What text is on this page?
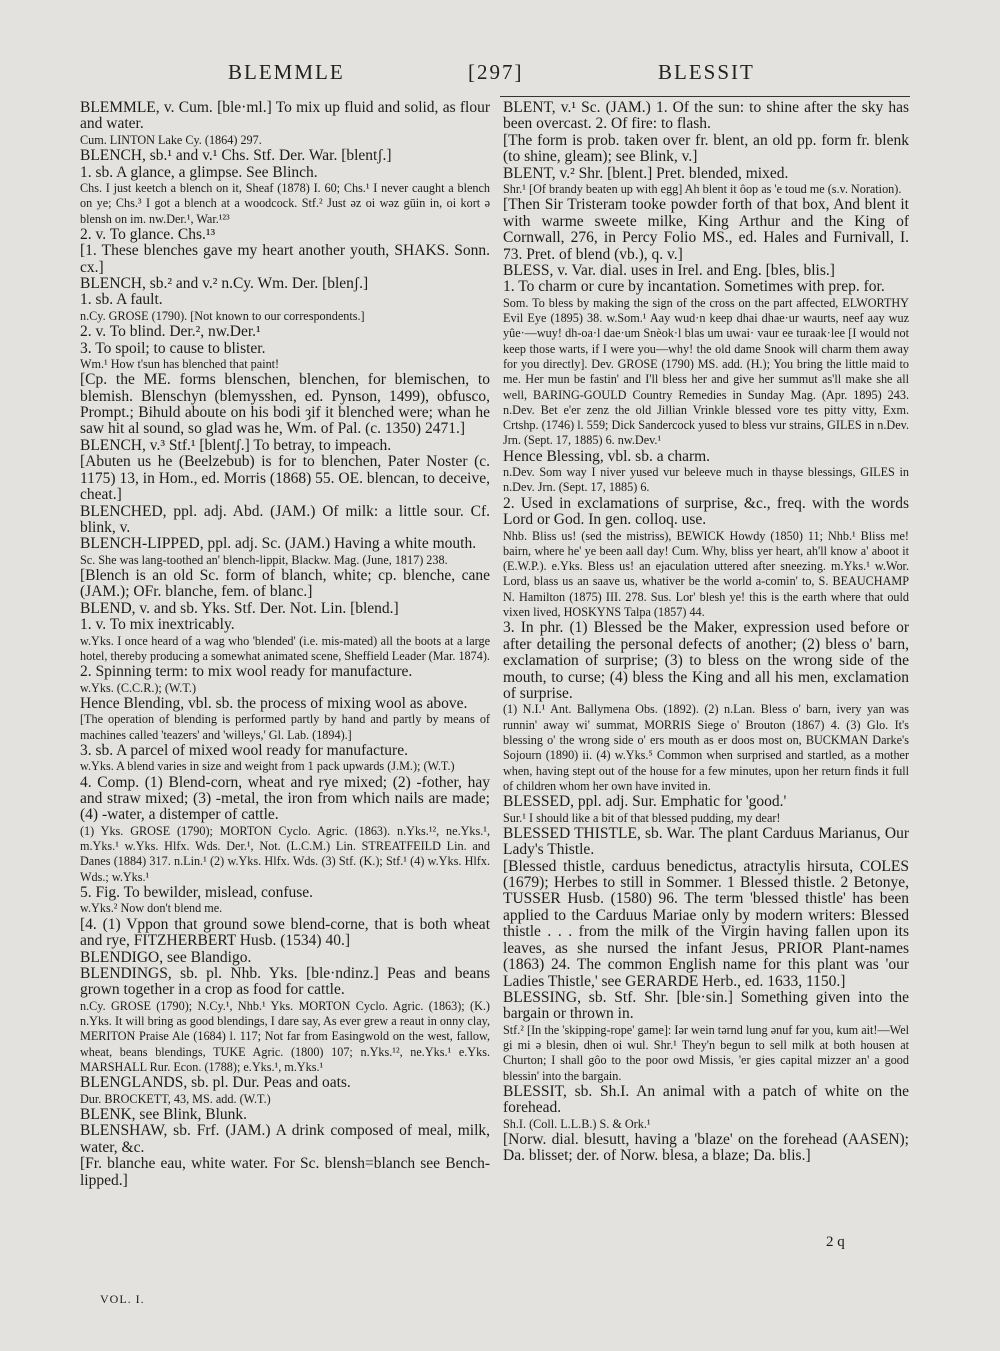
BLEMMLE	[297]	BLESSIT

BLEMMLE, v. Cum. [ble·ml.] To mix up fluid and solid, as flour and water.

Cum. LINTON Lake Cy. (1864) 297.

BLENCH, sb.¹ and v.¹ Chs. Stf. Der. War. [blentʃ.]

1. sb. A glance, a glimpse. See Blinch.

Chs. I just keetch a blench on it, Sheaf (1878) I. 60; Chs.¹ I never caught a blench on ye; Chs.³ I got a blench at a woodcock. Stf.² Just əz oi wəz gūin in, oi kort ə blensh on im. nw.Der.¹, War.¹²³

2. v. To glance. Chs.¹³

[1. These blenches gave my heart another youth, SHAKS. Sonn. cx.]

BLENCH, sb.² and v.² n.Cy. Wm. Der. [blenʃ.]

1. sb. A fault.

n.Cy. GROSE (1790). [Not known to our correspondents.]

2. v. To blind. Der.², nw.Der.¹

3. To spoil; to cause to blister.

Wm.¹ How t'sun has blenched that paint!

[Cp. the ME. forms blenschen, blenchen, for blemischen, to blemish. Blenschyn (blemysshen, ed. Pynson, 1499), obfusco, Prompt.; Bihuld aboute on his bodi ȝif it blenched were; whan he saw hit al sound, so glad was he, Wm. of Pal. (c. 1350) 2471.]

BLENCH, v.³ Stf.¹ [blentʃ.] To betray, to impeach.

[Abuten us he (Beelzebub) is for to blenchen, Pater Noster (c. 1175) 13, in Hom., ed. Morris (1868) 55. OE. blencan, to deceive, cheat.]

BLENCHED, ppl. adj. Abd. (JAM.) Of milk: a little sour. Cf. blink, v.

BLENCH-LIPPED, ppl. adj. Sc. (JAM.) Having a white mouth.

Sc. She was lang-toothed an' blench-lippit, Blackw. Mag. (June, 1817) 238.

[Blench is an old Sc. form of blanch, white; cp. blenche, cane (JAM.); OFr. blanche, fem. of blanc.]

BLEND, v. and sb. Yks. Stf. Der. Not. Lin. [blend.]

1. v. To mix inextricably.

w.Yks. I once heard of a wag who 'blended' (i.e. mis-mated) all the boots at a large hotel, thereby producing a somewhat animated scene, Sheffield Leader (Mar. 1874).

2. Spinning term: to mix wool ready for manufacture.

w.Yks. (C.C.R.); (W.T.)

Hence Blending, vbl. sb. the process of mixing wool as above.

[The operation of blending is performed partly by hand and partly by means of machines called 'teazers' and 'willeys,' Gl. Lab. (1894).]

3. sb. A parcel of mixed wool ready for manufacture.

w.Yks. A blend varies in size and weight from 1 pack upwards (J.M.); (W.T.)

4. Comp. (1) Blend-corn, wheat and rye mixed; (2) -fother, hay and straw mixed; (3) -metal, the iron from which nails are made; (4) -water, a distemper of cattle.

(1) Yks. GROSE (1790); MORTON Cyclo. Agric. (1863). n.Yks.¹², ne.Yks.¹, m.Yks.¹ w.Yks. Hlfx. Wds. Der.¹, Not. (L.C.M.) Lin. STREATFEILD Lin. and Danes (1884) 317. n.Lin.¹ (2) w.Yks. Hlfx. Wds. (3) Stf. (K.); Stf.¹ (4) w.Yks. Hlfx. Wds.; w.Yks.¹

5. Fig. To bewilder, mislead, confuse.

w.Yks.² Now don't blend me.

[4. (1) Vppon that ground sowe blend-corne, that is both wheat and rye, FITZHERBERT Husb. (1534) 40.]

BLENDIGO, see Blandigo.

BLENDINGS, sb. pl. Nhb. Yks. [ble·ndinz.] Peas and beans grown together in a crop as food for cattle.

n.Cy. GROSE (1790); N.Cy.¹, Nhb.¹ Yks. MORTON Cyclo. Agric. (1863); (K.) n.Yks. It will bring as good blendings, I dare say, As ever grew a reaut in onny clay, MERITON Praise Ale (1684) l. 117; Not far from Easingwold on the west, fallow, wheat, beans blendings, TUKE Agric. (1800) 107; n.Yks.¹², ne.Yks.¹ e.Yks. MARSHALL Rur. Econ. (1788); e.Yks.¹, m.Yks.¹

BLENGLANDS, sb. pl. Dur. Peas and oats.

Dur. BROCKETT, 43, MS. add. (W.T.)

BLENK, see Blink, Blunk.

BLENSHAW, sb. Frf. (JAM.) A drink composed of meal, milk, water, &c.

[Fr. blanche eau, white water. For Sc. blensh=blanch see Bench-lipped.]

BLENT, v.¹ Sc. (JAM.) 1. Of the sun: to shine after the sky has been overcast. 2. Of fire: to flash.

[The form is prob. taken over fr. blent, an old pp. form fr. blenk (to shine, gleam); see Blink, v.]

BLENT, v.² Shr. [blent.] Pret. blended, mixed.

Shr.¹ [Of brandy beaten up with egg] Ah blent it ôop as 'e toud me (s.v. Noration).

[Then Sir Tristeram tooke powder forth of that box, And blent it with warme sweete milke, King Arthur and the King of Cornwall, 276, in Percy Folio MS., ed. Hales and Furnivall, I. 73. Pret. of blend (vb.), q. v.]

BLESS, v. Var. dial. uses in Irel. and Eng. [bles, blis.]

1. To charm or cure by incantation. Sometimes with prep. for.

Som. To bless by making the sign of the cross on the part affected, ELWORTHY Evil Eye (1895) 38. w.Som.¹ Aay wud·n keep dhai dhae·ur waurts, neef aay wuz yûe·—wuy! dh-oa·l dae·um Snèok·l blas um uwai· vaur ee turaak·lee [I would not keep those warts, if I were you—why! the old dame Snook will charm them away for you directly]. Dev. GROSE (1790) MS. add. (H.); You bring the little maid to me. Her mun be fastin' and I'll bless her and give her summut as'll make she all well, BARING-GOULD Country Remedies in Sunday Mag. (Apr. 1895) 243. n.Dev. Bet e'er zenz the old Jillian Vrinkle blessed vore tes pitty vitty, Exm. Crtshp. (1746) l. 559; Dick Sandercock yused to bless vur strains, GILES in n.Dev. Jrn. (Sept. 17, 1885) 6. nw.Dev.¹

Hence Blessing, vbl. sb. a charm.

n.Dev. Som way I niver yused vur beleeve much in thayse blessings, GILES in n.Dev. Jrn. (Sept. 17, 1885) 6.

2. Used in exclamations of surprise, &c., freq. with the words Lord or God. In gen. colloq. use.

Nhb. Bliss us! (sed the mistriss), BEWICK Howdy (1850) 11; Nhb.¹ Bliss me! bairn, where he' ye been aall day! Cum. Why, bliss yer heart, ah'll know a' aboot it (E.W.P.). e.Yks. Bless us! an ejaculation uttered after sneezing. m.Yks.¹ w.Wor. Lord, blass us an saave us, whativer be the world a-comin' to, S. BEAUCHAMP N. Hamilton (1875) III. 278. Sus. Lor' blesh ye! this is the earth where that ould vixen lived, HOSKYNS Talpa (1857) 44.

3. In phr. (1) Blessed be the Maker, expression used before or after detailing the personal defects of another; (2) bless o' barn, exclamation of surprise; (3) to bless on the wrong side of the mouth, to curse; (4) bless the King and all his men, exclamation of surprise.

(1) N.I.¹ Ant. Ballymena Obs. (1892). (2) n.Lan. Bless o' barn, ivery yan was runnin' away wi' summat, MORRIS Siege o' Brouton (1867) 4. (3) Glo. It's blessing o' the wrong side o' ers mouth as er doos most on, BUCKMAN Darke's Sojourn (1890) ii. (4) w.Yks.⁵ Common when surprised and startled, as a mother when, having stept out of the house for a few minutes, upon her return finds it full of children whom her own have invited in.

BLESSED, ppl. adj. Sur. Emphatic for 'good.'

Sur.¹ I should like a bit of that blessed pudding, my dear!

BLESSED THISTLE, sb. War. The plant Carduus Marianus, Our Lady's Thistle.

[Blessed thistle, carduus benedictus, atractylis hirsuta, COLES (1679); Herbes to still in Sommer. 1 Blessed thistle. 2 Betonye, TUSSER Husb. (1580) 96. The term 'blessed thistle' has been applied to the Carduus Mariae only by modern writers: Blessed thistle . . . from the milk of the Virgin having fallen upon its leaves, as she nursed the infant Jesus, PRIOR Plant-names (1863) 24. The common English name for this plant was 'our Ladies Thistle,' see GERARDE Herb., ed. 1633, 1150.]

BLESSING, sb. Stf. Shr. [ble·sin.] Something given into the bargain or thrown in.

Stf.² [In the 'skipping-rope' game]: Iər wein tərnd lung ənuf fər you, kum ait!—Wel gi mi ə blesin, dhen oi wul. Shr.¹ They'n begun to sell milk at both housen at Churton; I shall gôo to the poor owd Missis, 'er gies capital mizzer an' a good blessin' into the bargain.

BLESSIT, sb. Sh.I. An animal with a patch of white on the forehead.

Sh.I. (Coll. L.L.B.) S. & Ork.¹

[Norw. dial. blesutt, having a 'blaze' on the forehead (AASEN); Da. blisset; der. of Norw. blesa, a blaze; Da. blis.]

VOL. I.
2 q
